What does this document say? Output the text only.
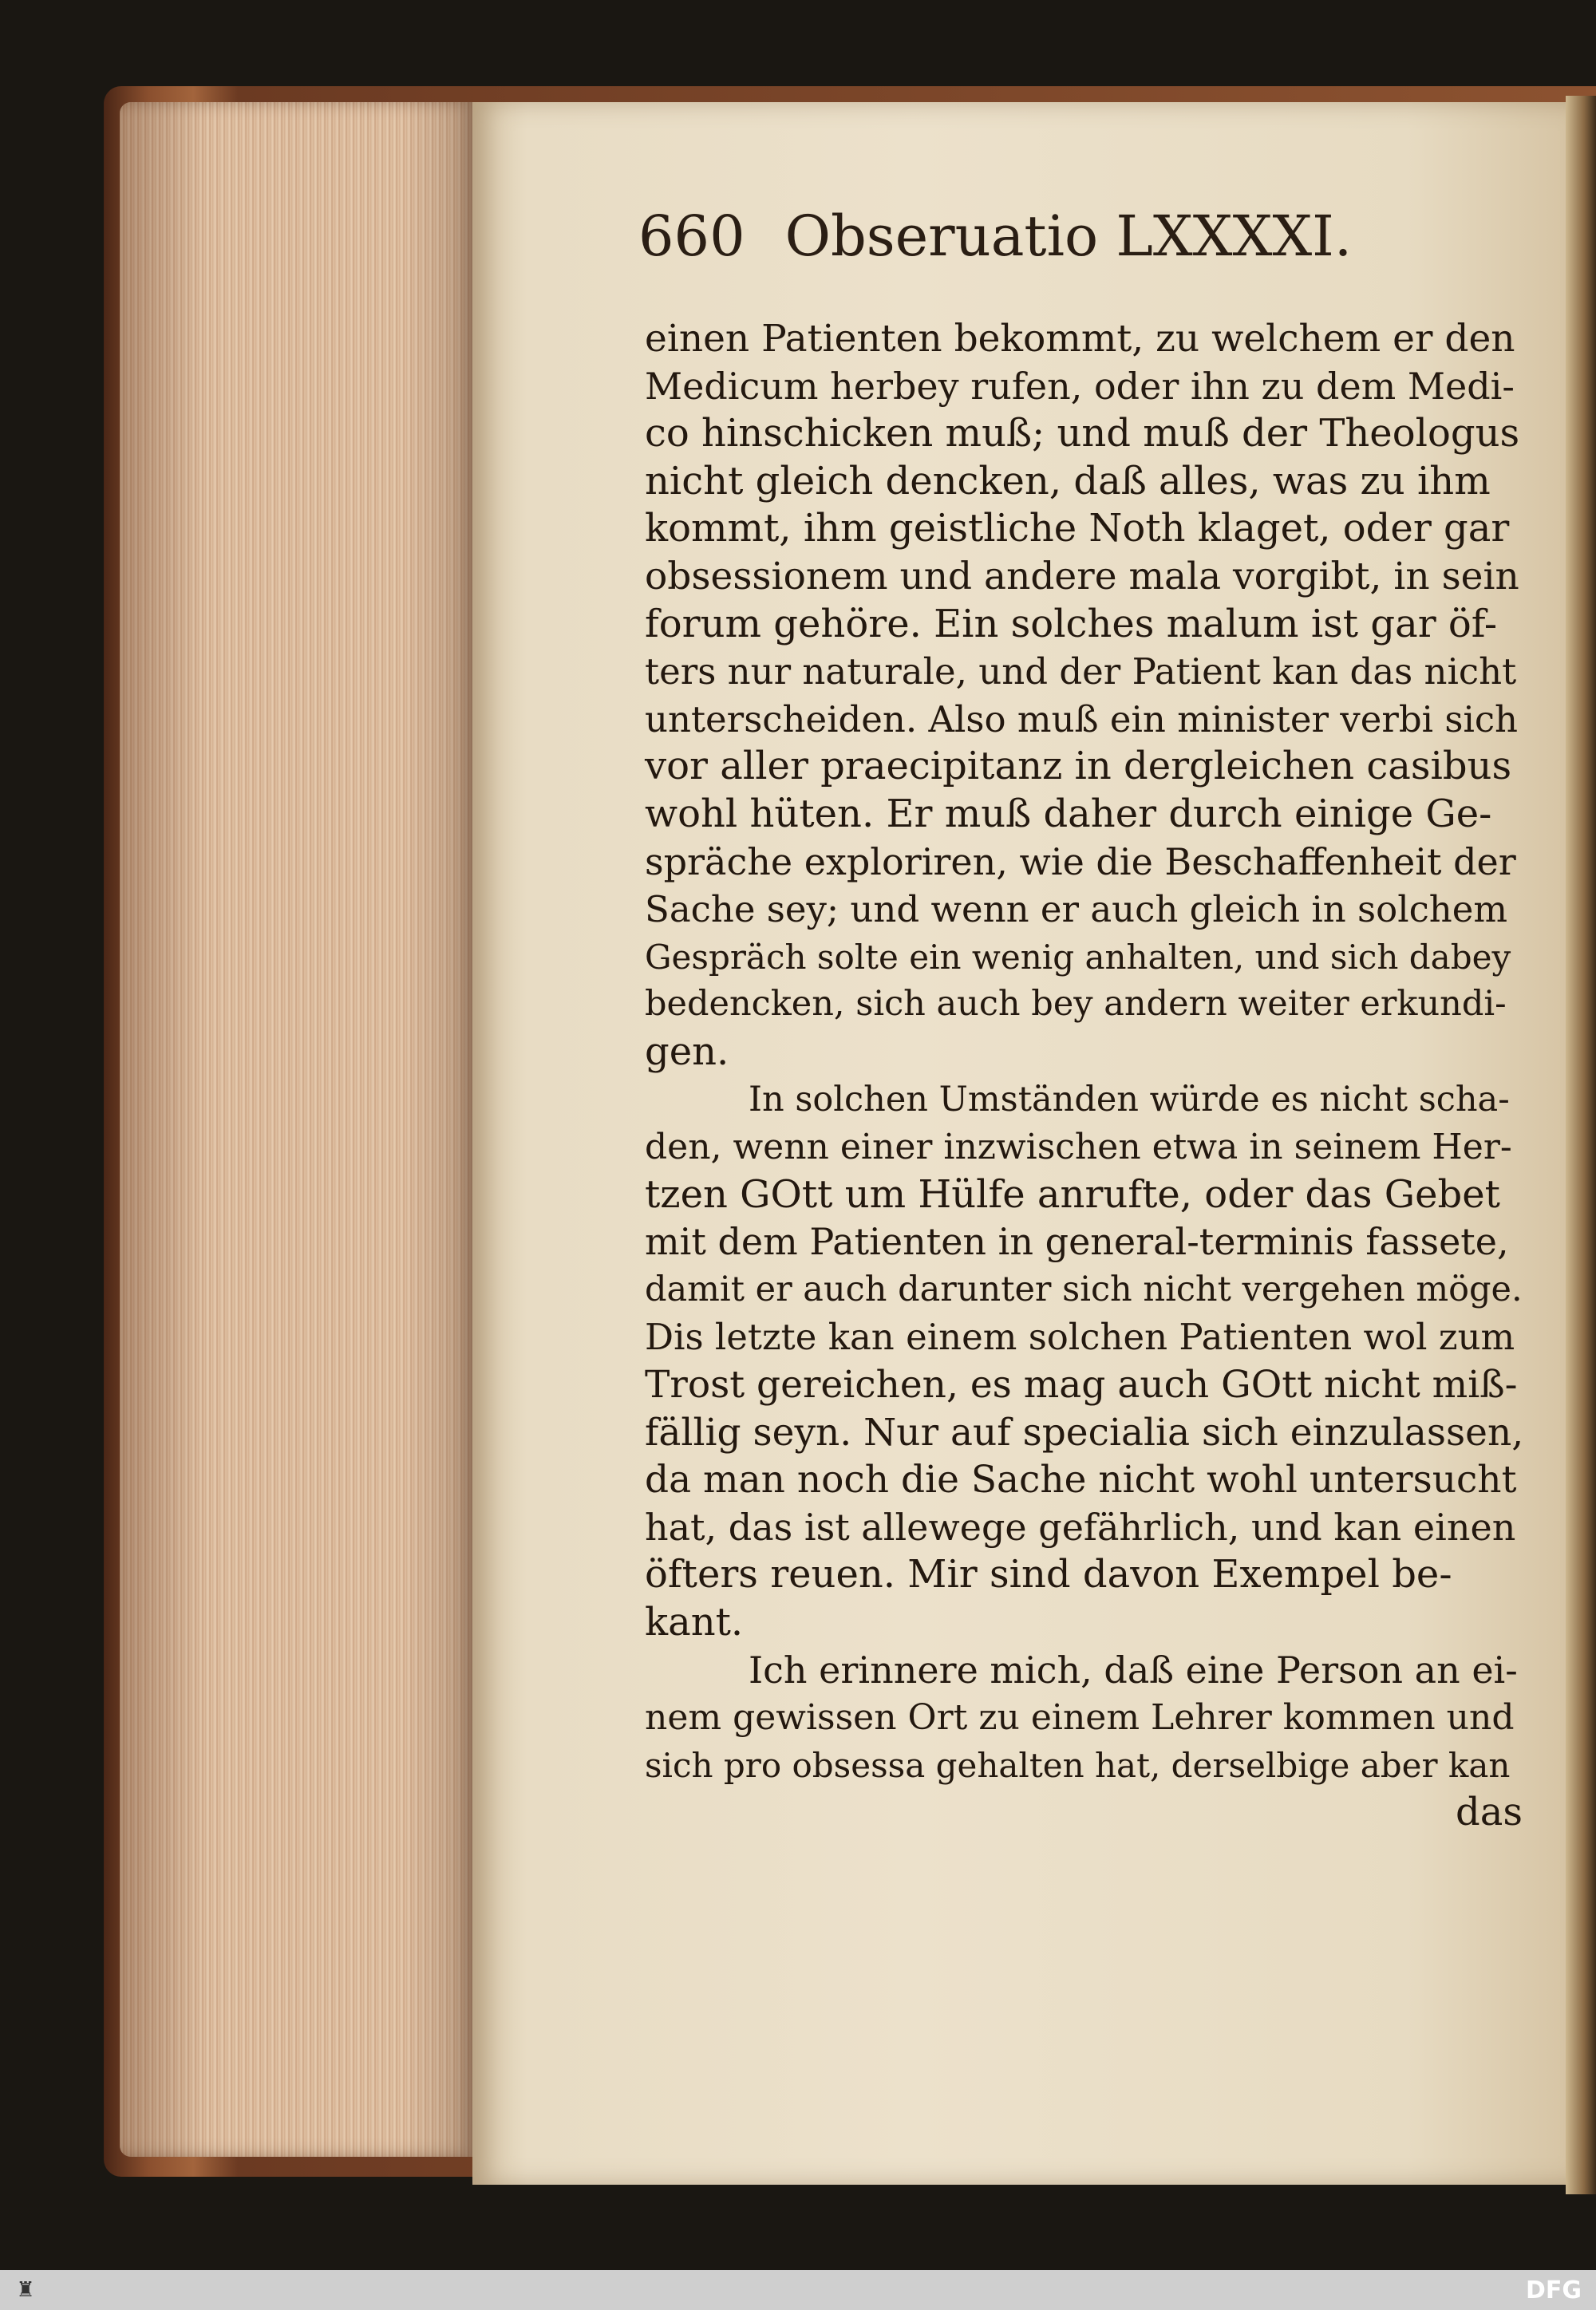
660 Obseruatio LXXXXI.
einen Patienten bekommt, zu welchem er den
Medicum herbey rufen, oder ihn zu dem Medi-
co hinschicken muß; und muß der Theologus
nicht gleich dencken, daß alles, was zu ihm
kommt, ihm geistliche Noth klaget, oder gar
obsessionem und andere mala vorgibt, in sein
forum gehöre. Ein solches malum ist gar öf-
ters nur naturale, und der Patient kan das nicht
unterscheiden. Also muß ein minister verbi sich
vor aller praecipitanz in dergleichen casibus
wohl hüten. Er muß daher durch einige Ge-
spräche exploriren, wie die Beschaffenheit der
Sache sey; und wenn er auch gleich in solchem
Gespräch solte ein wenig anhalten, und sich dabey
bedencken, sich auch bey andern weiter erkundi-
gen.
In solchen Umständen würde es nicht scha-
den, wenn einer inzwischen etwa in seinem Her-
tzen GOtt um Hülfe anrufte, oder das Gebet
mit dem Patienten in general-terminis fassete,
damit er auch darunter sich nicht vergehen möge.
Dis letzte kan einem solchen Patienten wol zum
Trost gereichen, es mag auch GOtt nicht miß-
fällig seyn. Nur auf specialia sich einzulassen,
da man noch die Sache nicht wohl untersucht
hat, das ist allewege gefährlich, und kan einen
öfters reuen. Mir sind davon Exempel be-
kant.
Ich erinnere mich, daß eine Person an ei-
nem gewissen Ort zu einem Lehrer kommen und
sich pro obsessa gehalten hat, derselbige aber kan
das
♜	DFG
